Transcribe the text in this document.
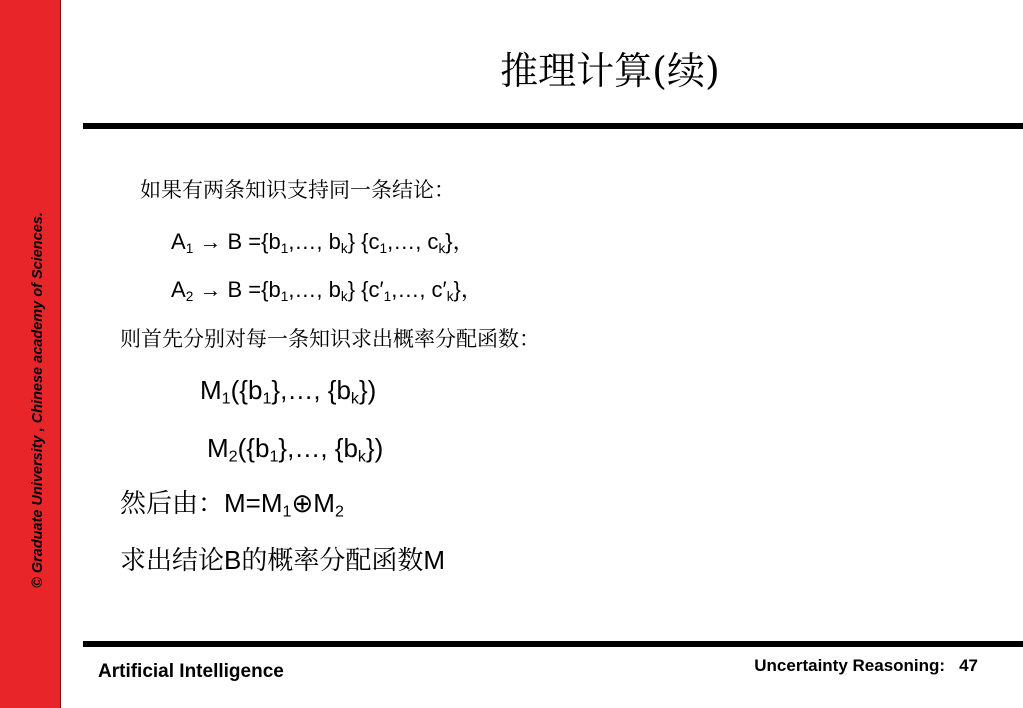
© Graduate University , Chinese academy of Sciences.
推理计算(续)
如果有两条知识支持同一条结论：
$A_1 \to B$ $=\{b_1,\dots$, $b_k$} {$c_1,\dots$, $c_k$}，
$A_2 \to B$ $=\{b_1,\dots$, $b_k$} {$c'_1,\dots$, $c'_k$}，
则首先分别对每一条知识求出概率分配函数：
$M_1(\{b_1\},\dots$, $\{b_k\}$)
$M_2(\{b_1\},\dots$, $\{b_k\}$)
然后由：$M=M_1\oplus M_2$
求出结论B的概率分配函数M
Artificial Intelligence	Uncertainty Reasoning: 47
